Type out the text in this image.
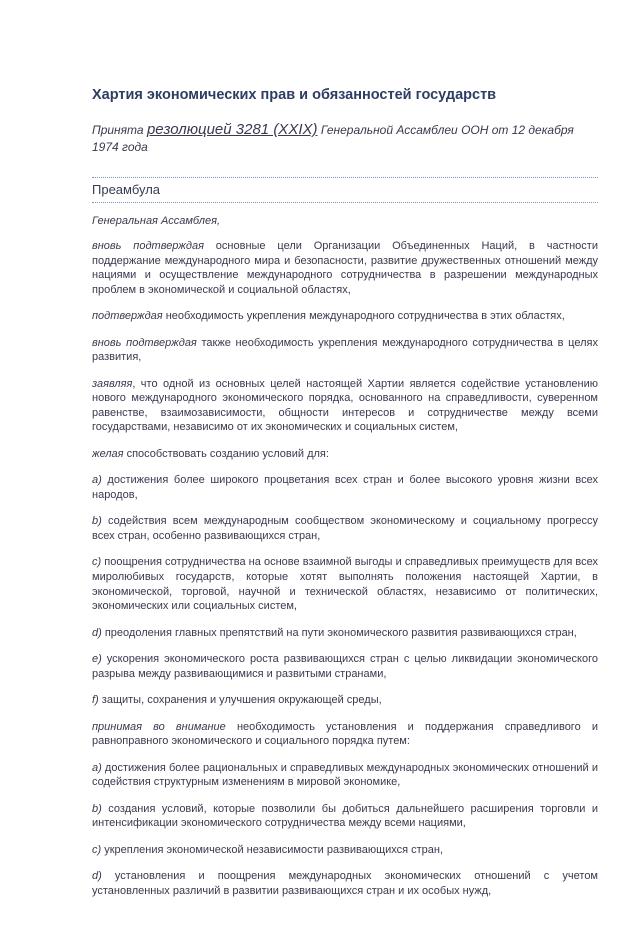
Хартия экономических прав и обязанностей государств

Принята резолюцией 3281 (XXIX) Генеральной Ассамблеи ООН от 12 декабря 1974 года

Преамбула

Генеральная Ассамблея,

вновь подтверждая основные цели Организации Объединенных Наций, в частности поддержание международного мира и безопасности, развитие дружественных отношений между нациями и осуществление международного сотрудничества в разрешении международных проблем в экономической и социальной областях,

подтверждая необходимость укрепления международного сотрудничества в этих областях,

вновь подтверждая также необходимость укрепления международного сотрудничества в целях развития,

заявляя, что одной из основных целей настоящей Хартии является содействие установлению нового международного экономического порядка, основанного на справедливости, суверенном равенстве, взаимозависимости, общности интересов и сотрудничестве между всеми государствами, независимо от их экономических и социальных систем,

желая способствовать созданию условий для:

a) достижения более широкого процветания всех стран и более высокого уровня жизни всех народов,

b) содействия всем международным сообществом экономическому и социальному прогрессу всех стран, особенно развивающихся стран,

c) поощрения сотрудничества на основе взаимной выгоды и справедливых преимуществ для всех миролюбивых государств, которые хотят выполнять положения настоящей Хартии, в экономической, торговой, научной и технической областях, независимо от политических, экономических или социальных систем,

d) преодоления главных препятствий на пути экономического развития развивающихся стран,

e) ускорения экономического роста развивающихся стран с целью ликвидации экономического разрыва между развивающимися и развитыми странами,

f) защиты, сохранения и улучшения окружающей среды,

принимая во внимание необходимость установления и поддержания справедливого и равноправного экономического и социального порядка путем:

a) достижения более рациональных и справедливых международных экономических отношений и содействия структурным изменениям в мировой экономике,

b) создания условий, которые позволили бы добиться дальнейшего расширения торговли и интенсификации экономического сотрудничества между всеми нациями,

c) укрепления экономической независимости развивающихся стран,

d) установления и поощрения международных экономических отношений с учетом установленных различий в развитии развивающихся стран и их особых нужд,
